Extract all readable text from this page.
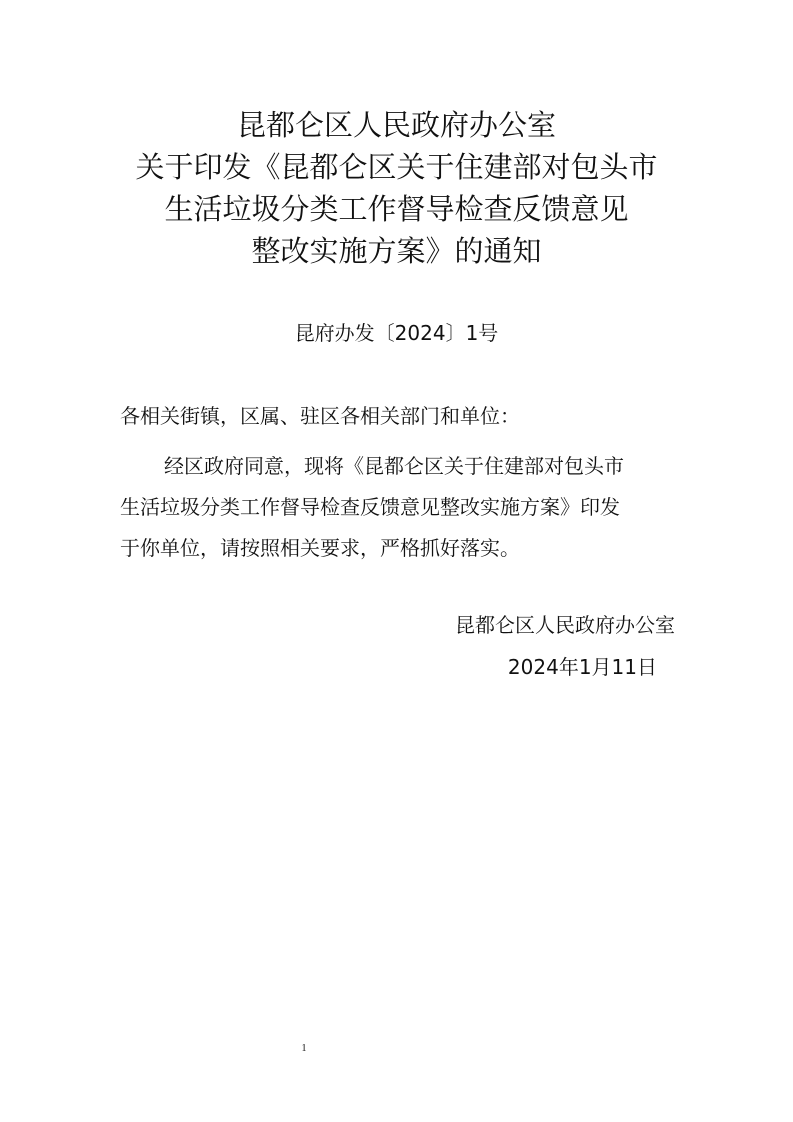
昆都仑区人民政府办公室
关于印发《昆都仑区关于住建部对包头市
生活垃圾分类工作督导检查反馈意见
整改实施方案》的通知
昆府办发〔2024〕1号
各相关街镇，区属、驻区各相关部门和单位：
经区政府同意，现将《昆都仑区关于住建部对包头市
生活垃圾分类工作督导检查反馈意见整改实施方案》印发
于你单位，请按照相关要求，严格抓好落实。
昆都仑区人民政府办公室
2024年1月11日
1
